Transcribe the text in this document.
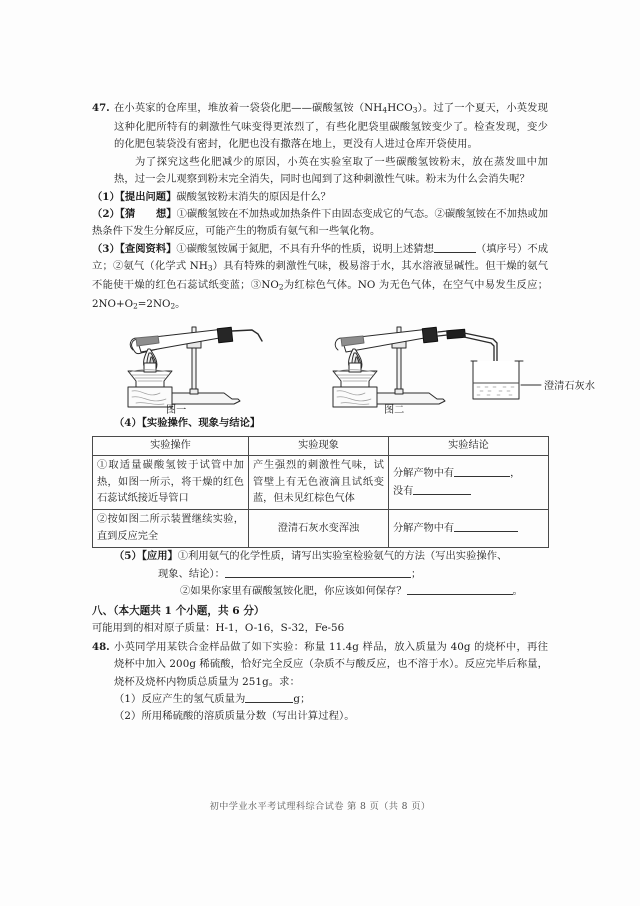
47. 在小英家的仓库里，堆放着一袋袋化肥——碳酸氢铵$(NH_4HCO_3)$。过了一个夏天，小英发现这种化肥所特有的刺激性气味变得更浓烈了，有些化肥袋里碳酸氢铵变少了。检查发现，变少的化肥包装袋没有密封，化肥也没有撒落在地上，更没有人进过仓库开袋使用。

为了探究这些化肥减少的原因，小英在实验室取了一些碳酸氢铵粉末，放在蒸发皿中加热，过一会儿观察到粉末完全消失，同时也闻到了这种刺激性气味。粉末为什么会消失呢？

（1）【提出问题】 碳酸氢铵粉末消失的原因是什么？
（2）【猜　　想】①碳酸氢铵在不加热或加热条件下由固态变成它的气态。②碳酸氢铵在不加热或加热条件下发生分解反应，可能产生的物质有氨气和一些氧化物。
（3）【查阅资料】①碳酸氢铵属于氮肥，不具有升华的性质，说明上述猜想	（填序号）不成立；②氨气（化学式 $NH_3$）具有特殊的刺激性气味，极易溶于水，其水溶液显碱性。但干燥的氨气不能使干燥的红色石蕊试纸变蓝；$③NO_2$为红棕色气体。NO 为无色气体，在空气中易发生反应；$2NO+O_2=2NO_2$。
澄清石灰水
图一	图二
（4）【实验操作、现象与结论】
实验操作	实验现象	实验结论
①取适量碳酸氢铵于试管中加热，如图一所示，将干燥的红色石蕊试纸接近导管口	产生强烈的刺激性气味，试管壁上有无色液滴且试纸变蓝，但未见红棕色气体	分解产物中有 ，
没有

②按如图二所示装置继续实验，直到反应完全	澄清石灰水变浑浊	分解产物中有
（5）【应用】①利用氨气的化学性质，请写出实验室检验氨气的方法（写出实验操作、
现象、结论）：	；
②如果你家里有碳酸氢铵化肥，你应该如何保存？	。
八、（本大题共 1 个小题，共 6 分）
可能用到的相对原子质量：H-1，O-16，S-32，Fe-56
48. 小英同学用某铁合金样品做了如下实验：称量 11.4g 样品，放入质量为 40g 的烧杯中，再往烧杯中加入 200g 稀硫酸，恰好完全反应（杂质不与酸反应，也不溶于水）。反应完毕后称量，烧杯及烧杯内物质总质量为 251g。求：

（1）反应产生的氢气质量为	g；
（2）所用稀硫酸的溶质质量分数（写出计算过程）。
初中学业水平考试理科综合试卷 第 8 页（共 8 页）
